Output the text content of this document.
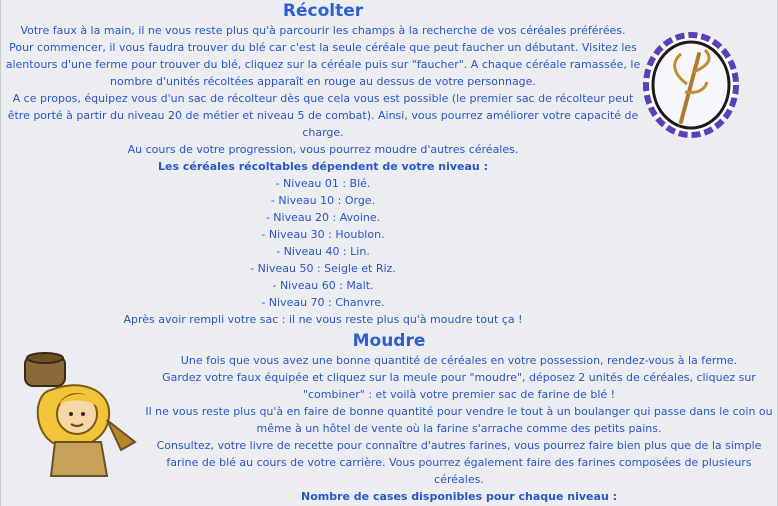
Récolter

Votre faux à la main, il ne vous reste plus qu'à parcourir les champs à la recherche de vos céréales préférées.

Pour commencer, il vous faudra trouver du blé car c'est la seule céréale que peut faucher un débutant. Visitez les alentours d'une ferme pour trouver du blé, cliquez sur la céréale puis sur "faucher". A chaque céréale ramassée, le nombre d'unités récoltées apparaît en rouge au dessus de votre personnage.

A ce propos, équipez vous d'un sac de récolteur dès que cela vous est possible (le premier sac de récolteur peut être porté à partir du niveau 20 de métier et niveau 5 de combat). Ainsi, vous pourrez améliorer votre capacité de charge.

Au cours de votre progression, vous pourrez moudre d'autres céréales.

Les céréales récoltables dépendent de votre niveau :

- Niveau 01 : Blé.
- Niveau 10 : Orge.
- Niveau 20 : Avoine.
- Niveau 30 : Houblon.
- Niveau 40 : Lin.
- Niveau 50 : Seigle et Riz.
- Niveau 60 : Malt.
- Niveau 70 : Chanvre.

Après avoir rempli votre sac : il ne vous reste plus qu'à moudre tout ça !

Moudre

Une fois que vous avez une bonne quantité de céréales en votre possession, rendez-vous à la ferme.

Gardez votre faux équipée et cliquez sur la meule pour "moudre", déposez 2 unités de céréales, cliquez sur "combiner" : et voilà votre premier sac de farine de blé !

Il ne vous reste plus qu'à en faire de bonne quantité pour vendre le tout à un boulanger qui passe dans le coin ou même à un hôtel de vente où la farine s'arrache comme des petits pains.

Consultez, votre livre de recette pour connaître d'autres farines, vous pourrez faire bien plus que de la simple farine de blé au cours de votre carrière. Vous pourrez également faire des farines composées de plusieurs céréales.

Nombre de cases disponibles pour chaque niveau :
